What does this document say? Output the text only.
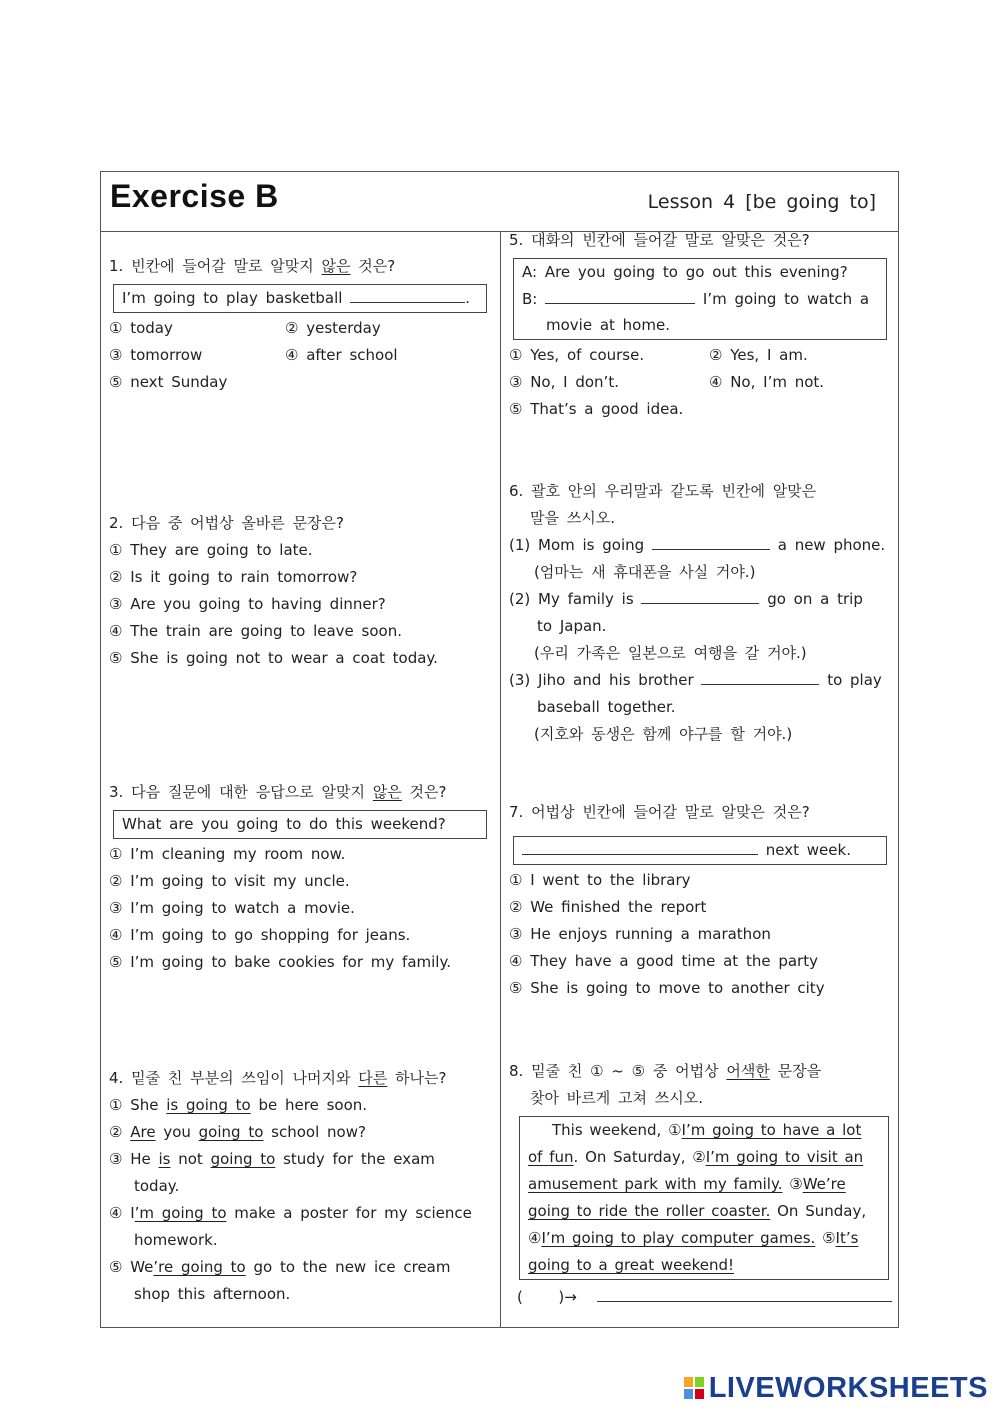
Exercise B	Lesson 4 [be going to]
1. 빈칸에 들어갈 말로 알맞지 않은 것은?
I’m going to play basketball	.
① today	② yesterday
③ tomorrow	④ after school
⑤ next Sunday
2. 다음 중 어법상 올바른 문장은?
① They are going to late.
② Is it going to rain tomorrow?
③ Are you going to having dinner?
④ The train are going to leave soon.
⑤ She is going not to wear a coat today.
3. 다음 질문에 대한 응답으로 알맞지 않은 것은?
What are you going to do this weekend?
① I’m cleaning my room now.
② I’m going to visit my uncle.
③ I’m going to watch a movie.
④ I’m going to go shopping for jeans.
⑤ I’m going to bake cookies for my family.
4. 밑줄 친 부분의 쓰임이 나머지와 다른 하나는?
① She is going to be here soon.
② Are you going to school now?
③ He is not going to study for the exam
today.
④ I’m going to make a poster for my science
homework.
⑤ We’re going to go to the new ice cream
shop this afternoon.
5. 대화의 빈칸에 들어갈 말로 알맞은 것은?
A: Are you going to go out this evening?
B:	I’m going to watch a
movie at home.
① Yes, of course.	② Yes, I am.
③ No, I don’t.	④ No, I’m not.
⑤ That’s a good idea.
6. 괄호 안의 우리말과 같도록 빈칸에 알맞은
말을 쓰시오.
(1) Mom is going	a new phone.
(엄마는 새 휴대폰을 사실 거야.)
(2) My family is	go on a trip
to Japan.
(우리 가족은 일본으로 여행을 갈 거야.)
(3) Jiho and his brother	to play
baseball together.
(지호와 동생은 함께 야구를 할 거야.)
7. 어법상 빈칸에 들어갈 말로 알맞은 것은?
next week.
① I went to the library
② We finished the report
③ He enjoys running a marathon
④ They have a good time at the party
⑤ She is going to move to another city
8. 밑줄 친 ① ~ ⑤ 중 어법상 어색한 문장을
찾아 바르게 고쳐 쓰시오.
This weekend, ①I’m going to have a lot
of fun. On Saturday, ②I’m going to visit an
amusement park with my family. ③We’re
going to ride the roller coaster. On Sunday,
④I’m going to play computer games. ⑤It’s
going to a great weekend!
( )→
LIVEWORKSHEETS
